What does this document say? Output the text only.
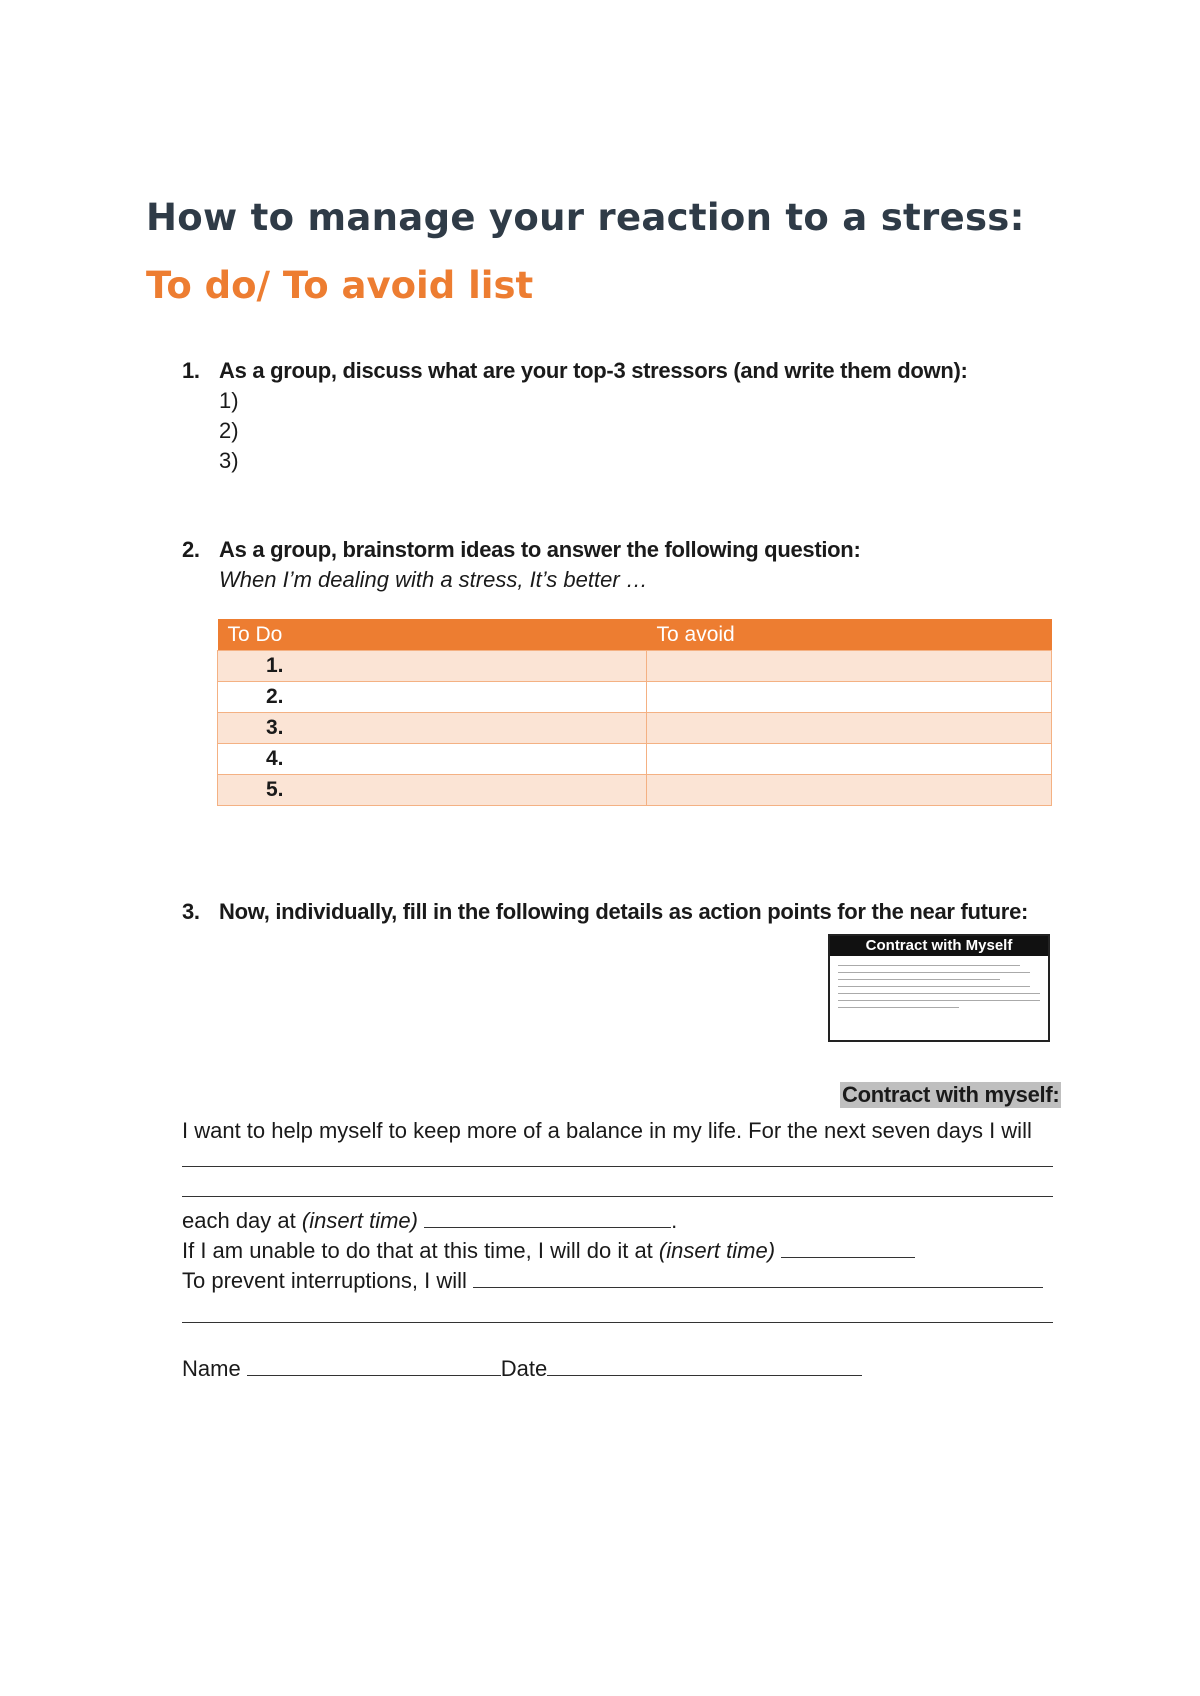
How to manage your reaction to a stress:
To do/ To avoid list
1. As a group, discuss what are your top-3 stressors (and write them down):
1)
2)
3)
2. As a group, brainstorm ideas to answer the following question:
When I’m dealing with a stress, It’s better …
To Do	To avoid
1.	
2.	
3.	
4.	
5.	
3. Now, individually, fill in the following details as action points for the near future:
Contract with Myself
Contract with myself:
I want to help myself to keep more of a balance in my life. For the next seven days I will
each day at (insert time)	.
If I am unable to do that at this time, I will do it at (insert time)
To prevent interruptions, I will
Name	Date
